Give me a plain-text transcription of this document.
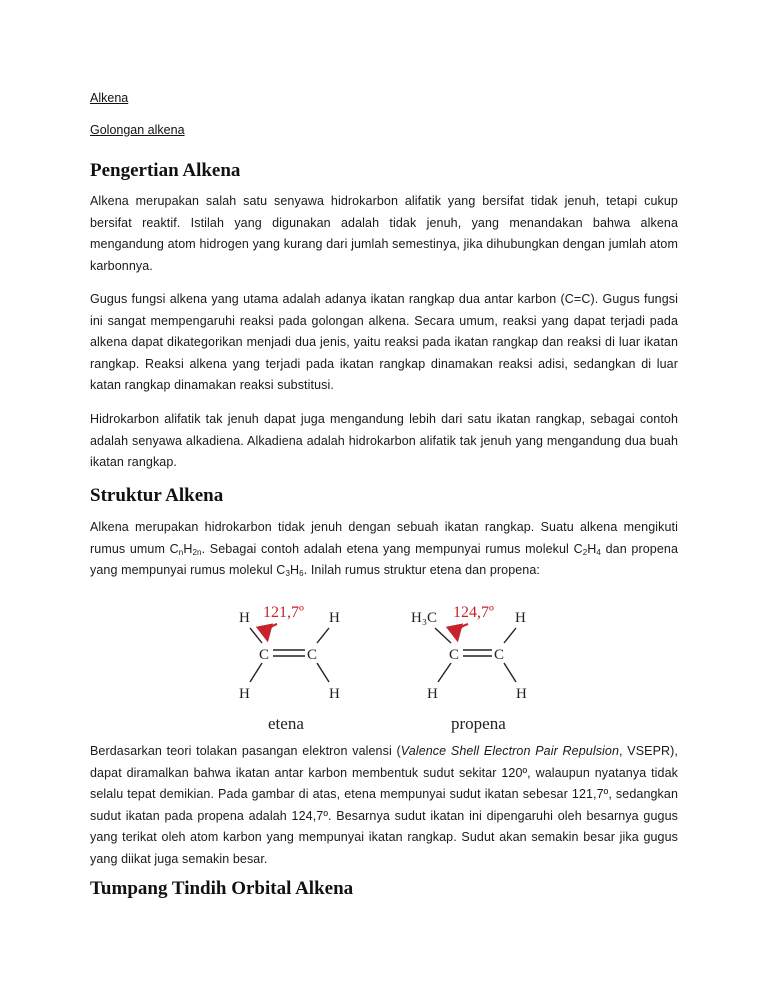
Alkena
Golongan alkena
Pengertian Alkena

Alkena merupakan salah satu senyawa hidrokarbon alifatik yang bersifat tidak jenuh, tetapi cukup bersifat reaktif. Istilah yang digunakan adalah tidak jenuh, yang menandakan bahwa alkena mengandung atom hidrogen yang kurang dari jumlah semestinya, jika dihubungkan dengan jumlah atom karbonnya.

Gugus fungsi alkena yang utama adalah adanya ikatan rangkap dua antar karbon (C=C). Gugus fungsi ini sangat mempengaruhi reaksi pada golongan alkena. Secara umum, reaksi yang dapat terjadi pada alkena dapat dikategorikan menjadi dua jenis, yaitu reaksi pada ikatan rangkap dan reaksi di luar ikatan rangkap. Reaksi alkena yang terjadi pada ikatan rangkap dinamakan reaksi adisi, sedangkan di luar katan rangkap dinamakan reaksi substitusi.

Hidrokarbon alifatik tak jenuh dapat juga mengandung lebih dari satu ikatan rangkap, sebagai contoh adalah senyawa alkadiena. Alkadiena adalah hidrokarbon alifatik tak jenuh yang mengandung dua buah ikatan rangkap.

Struktur Alkena

Alkena merupakan hidrokarbon tidak jenuh dengan sebuah ikatan rangkap. Suatu alkena mengikuti rumus umum $C_nH_{2n}$. Sebagai contoh adalah etena yang mempunyai rumus molekul $C_2H_4$ dan propena yang mempunyai rumus molekul $C_3H_6$. Inilah rumus struktur etena dan propena:

H	H
C	C
H	H
121,7º
etena
H₃C	H
C C
H	H
124,7º
propena

Berdasarkan teori tolakan pasangan elektron valensi (Valence Shell Electron Pair Repulsion, VSEPR), dapat diramalkan bahwa ikatan antar karbon membentuk sudut sekitar 120º, walaupun nyatanya tidak selalu tepat demikian. Pada gambar di atas, etena mempunyai sudut ikatan sebesar 121,7º, sedangkan sudut ikatan pada propena adalah 124,7º. Besarnya sudut ikatan ini dipengaruhi oleh besarnya gugus yang terikat oleh atom karbon yang mempunyai ikatan rangkap. Sudut akan semakin besar jika gugus yang diikat juga semakin besar.

Tumpang Tindih Orbital Alkena
